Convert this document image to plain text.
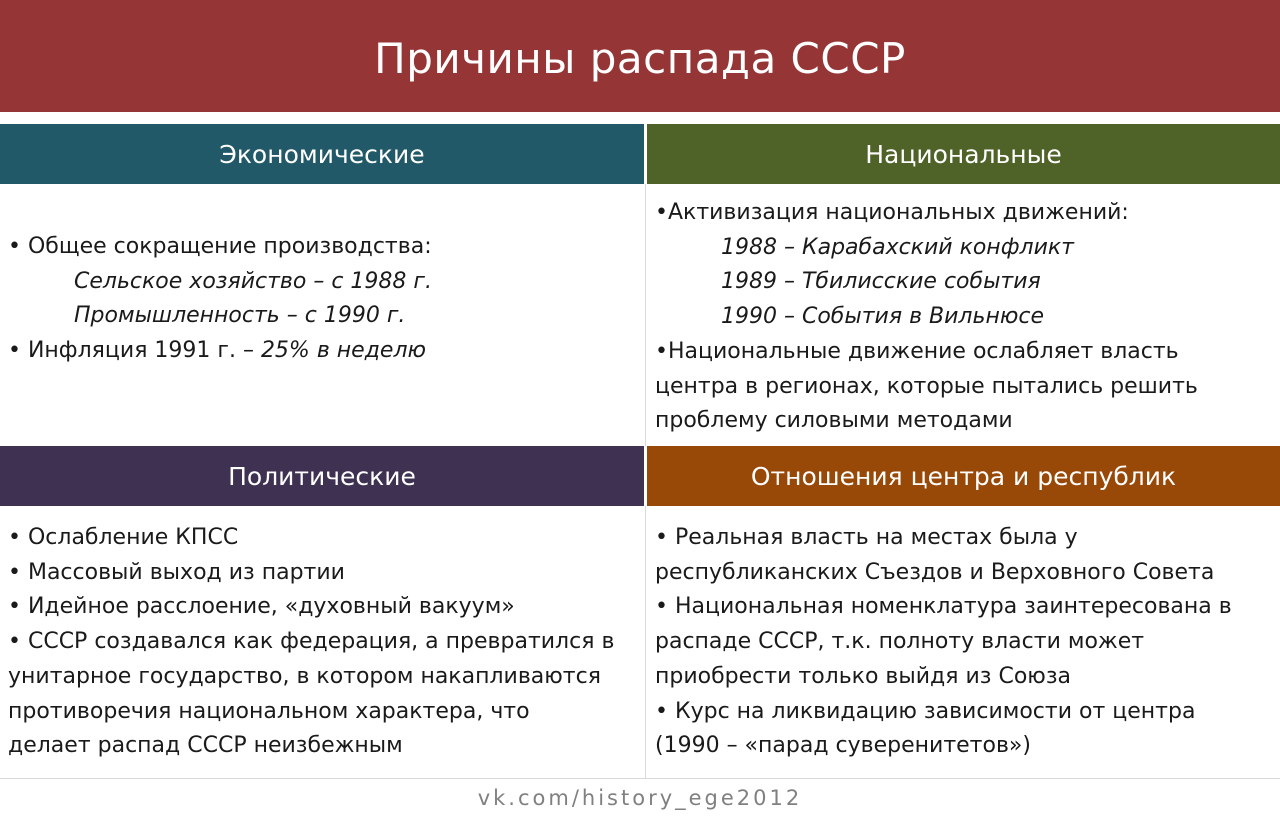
Причины распада СССР
Экономические	Национальные

• Общее сокращение производства:

Сельское хозяйство – с 1988 г.

Промышленность – с 1990 г.

• Инфляция 1991 г. – 25% в неделю

•Активизация национальных движений:

1988 – Карабахский конфликт

1989 – Тбилисские события

1990 – События в Вильнюсе

•Национальные движение ослабляет власть

центра в регионах, которые пытались решить

проблему силовыми методами

Политические	Отношения центра и республик

• Ослабление КПСС

• Массовый выход из партии

• Идейное расслоение, «духовный вакуум»

• СССР создавался как федерация, а превратился в

унитарное государство, в котором накапливаются

противоречия национальном характера, что

делает распад СССР неизбежным

• Реальная власть на местах была у

республиканских Съездов и Верховного Совета

• Национальная номенклатура заинтересована в

распаде СССР, т.к. полноту власти может

приобрести только выйдя из Союза

• Курс на ликвидацию зависимости от центра

(1990 – «парад суверенитетов»)

vk.com/history_ege2012
